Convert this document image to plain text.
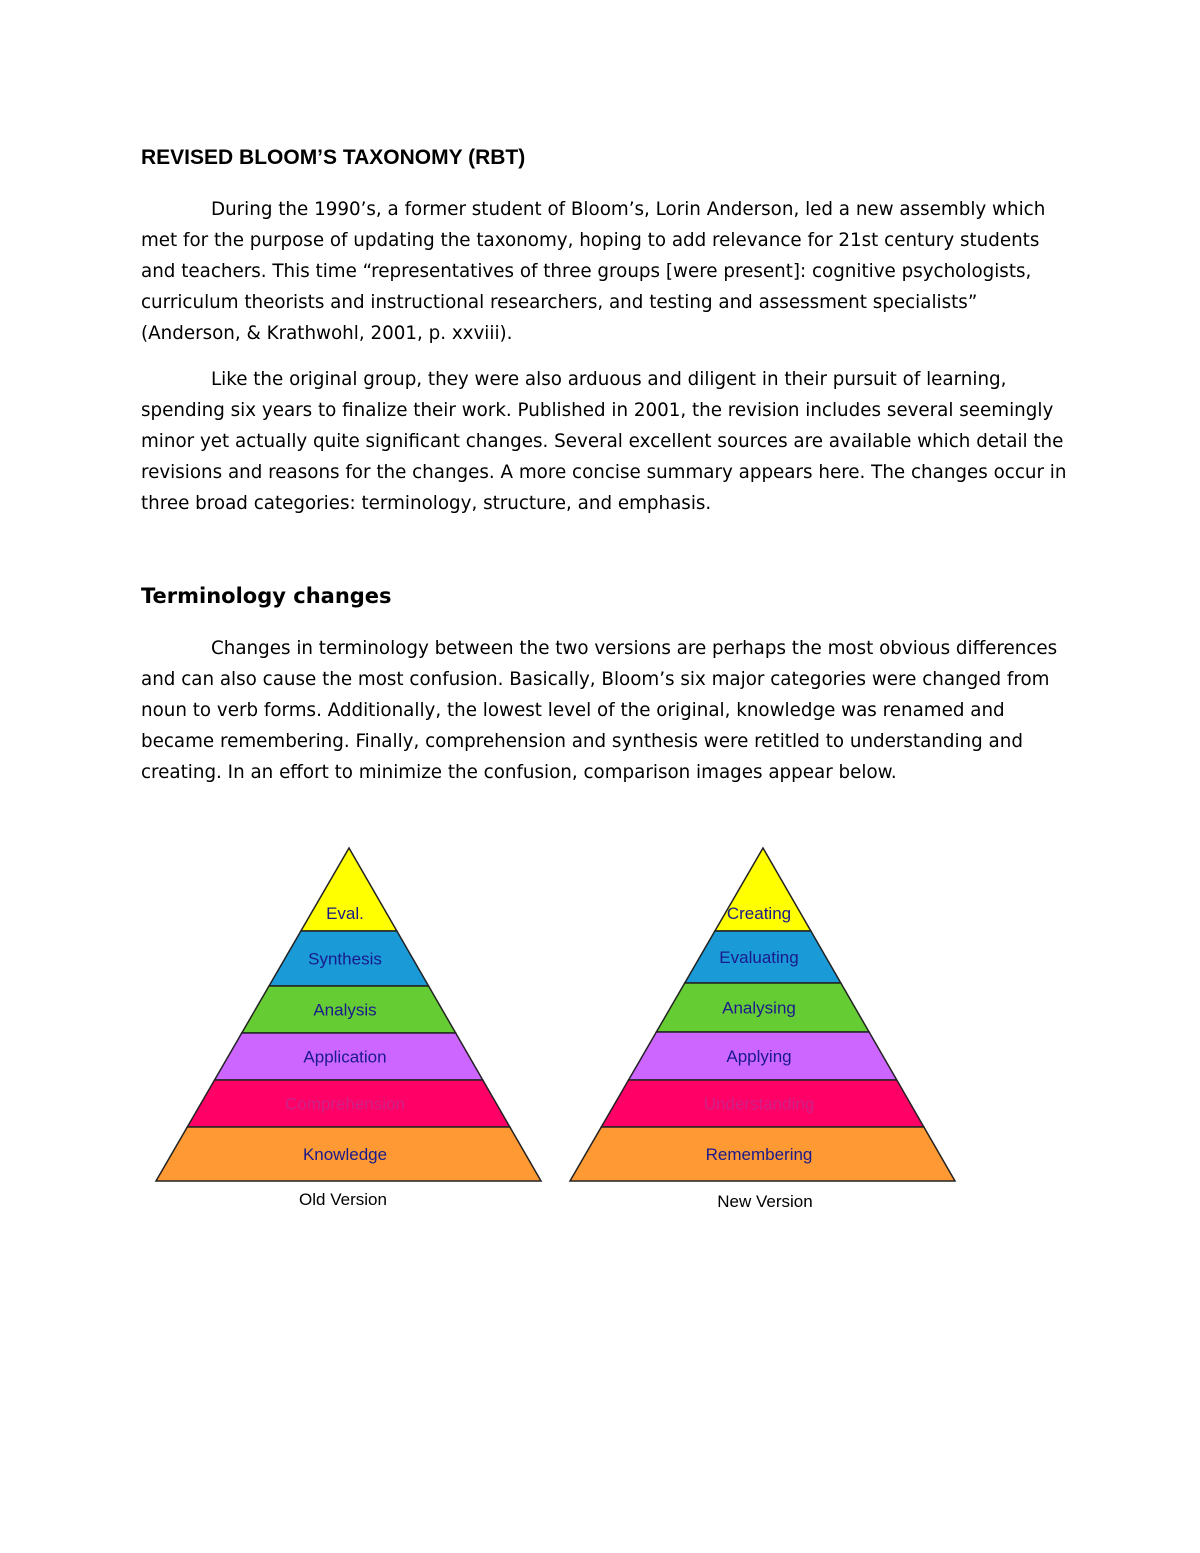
REVISED BLOOM’S TAXONOMY (RBT)

During the 1990’s, a former student of Bloom’s, Lorin Anderson, led a new assembly which met for the purpose of updating the taxonomy, hoping to add relevance for 21st century students and teachers. This time “representatives of three groups [were present]: cognitive psychologists, curriculum theorists and instructional researchers, and testing and assessment specialists” (Anderson, & Krathwohl, 2001, p. xxviii).

Like the original group, they were also arduous and diligent in their pursuit of learning, spending six years to finalize their work. Published in 2001, the revision includes several seemingly minor yet actually quite significant changes. Several excellent sources are available which detail the revisions and reasons for the changes. A more concise summary appears here. The changes occur in three broad categories: terminology, structure, and emphasis.

Terminology changes

Changes in terminology between the two versions are perhaps the most obvious differences and can also cause the most confusion. Basically, Bloom’s six major categories were changed from noun to verb forms. Additionally, the lowest level of the original, knowledge was renamed and became remembering. Finally, comprehension and synthesis were retitled to understanding and creating. In an effort to minimize the confusion, comparison images appear below.

Eval.
Synthesis
Analysis
Application
Comprehension
Knowledge
Old Version
Creating
Evaluating
Analysing
Applying
Understanding
Remembering
New Version
